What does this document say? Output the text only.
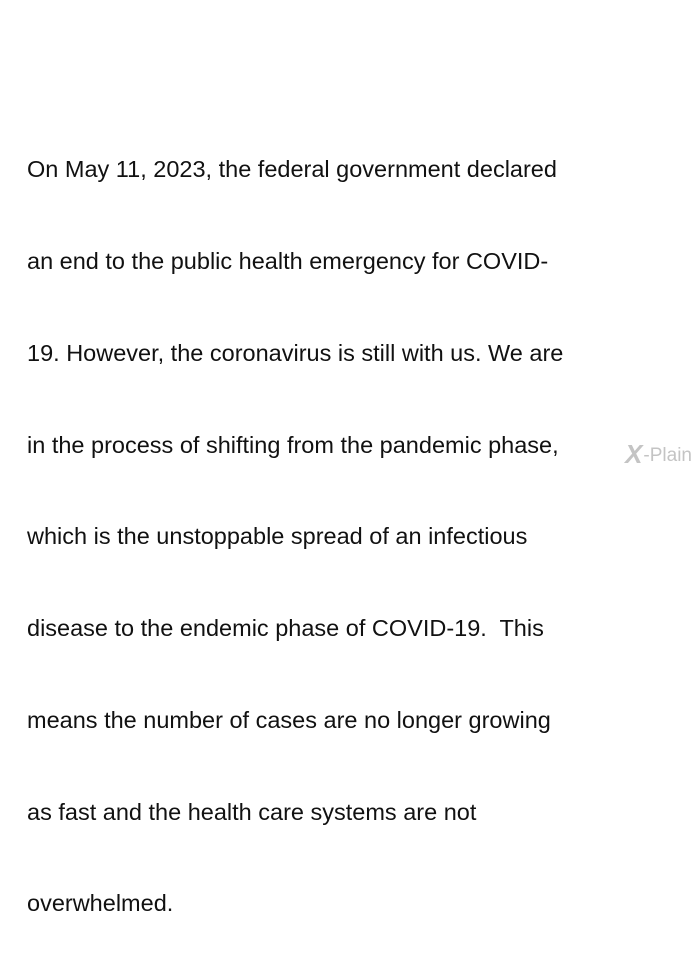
On May 11, 2023, the federal government declared

an end to the public health emergency for COVID-

19. However, the coronavirus is still with us. We are

in the process of shifting from the pandemic phase,

which is the unstoppable spread of an infectious

disease to the endemic phase of COVID-19.  This

means the number of cases are no longer growing

as fast and the health care systems are not

overwhelmed.

X -Plain
